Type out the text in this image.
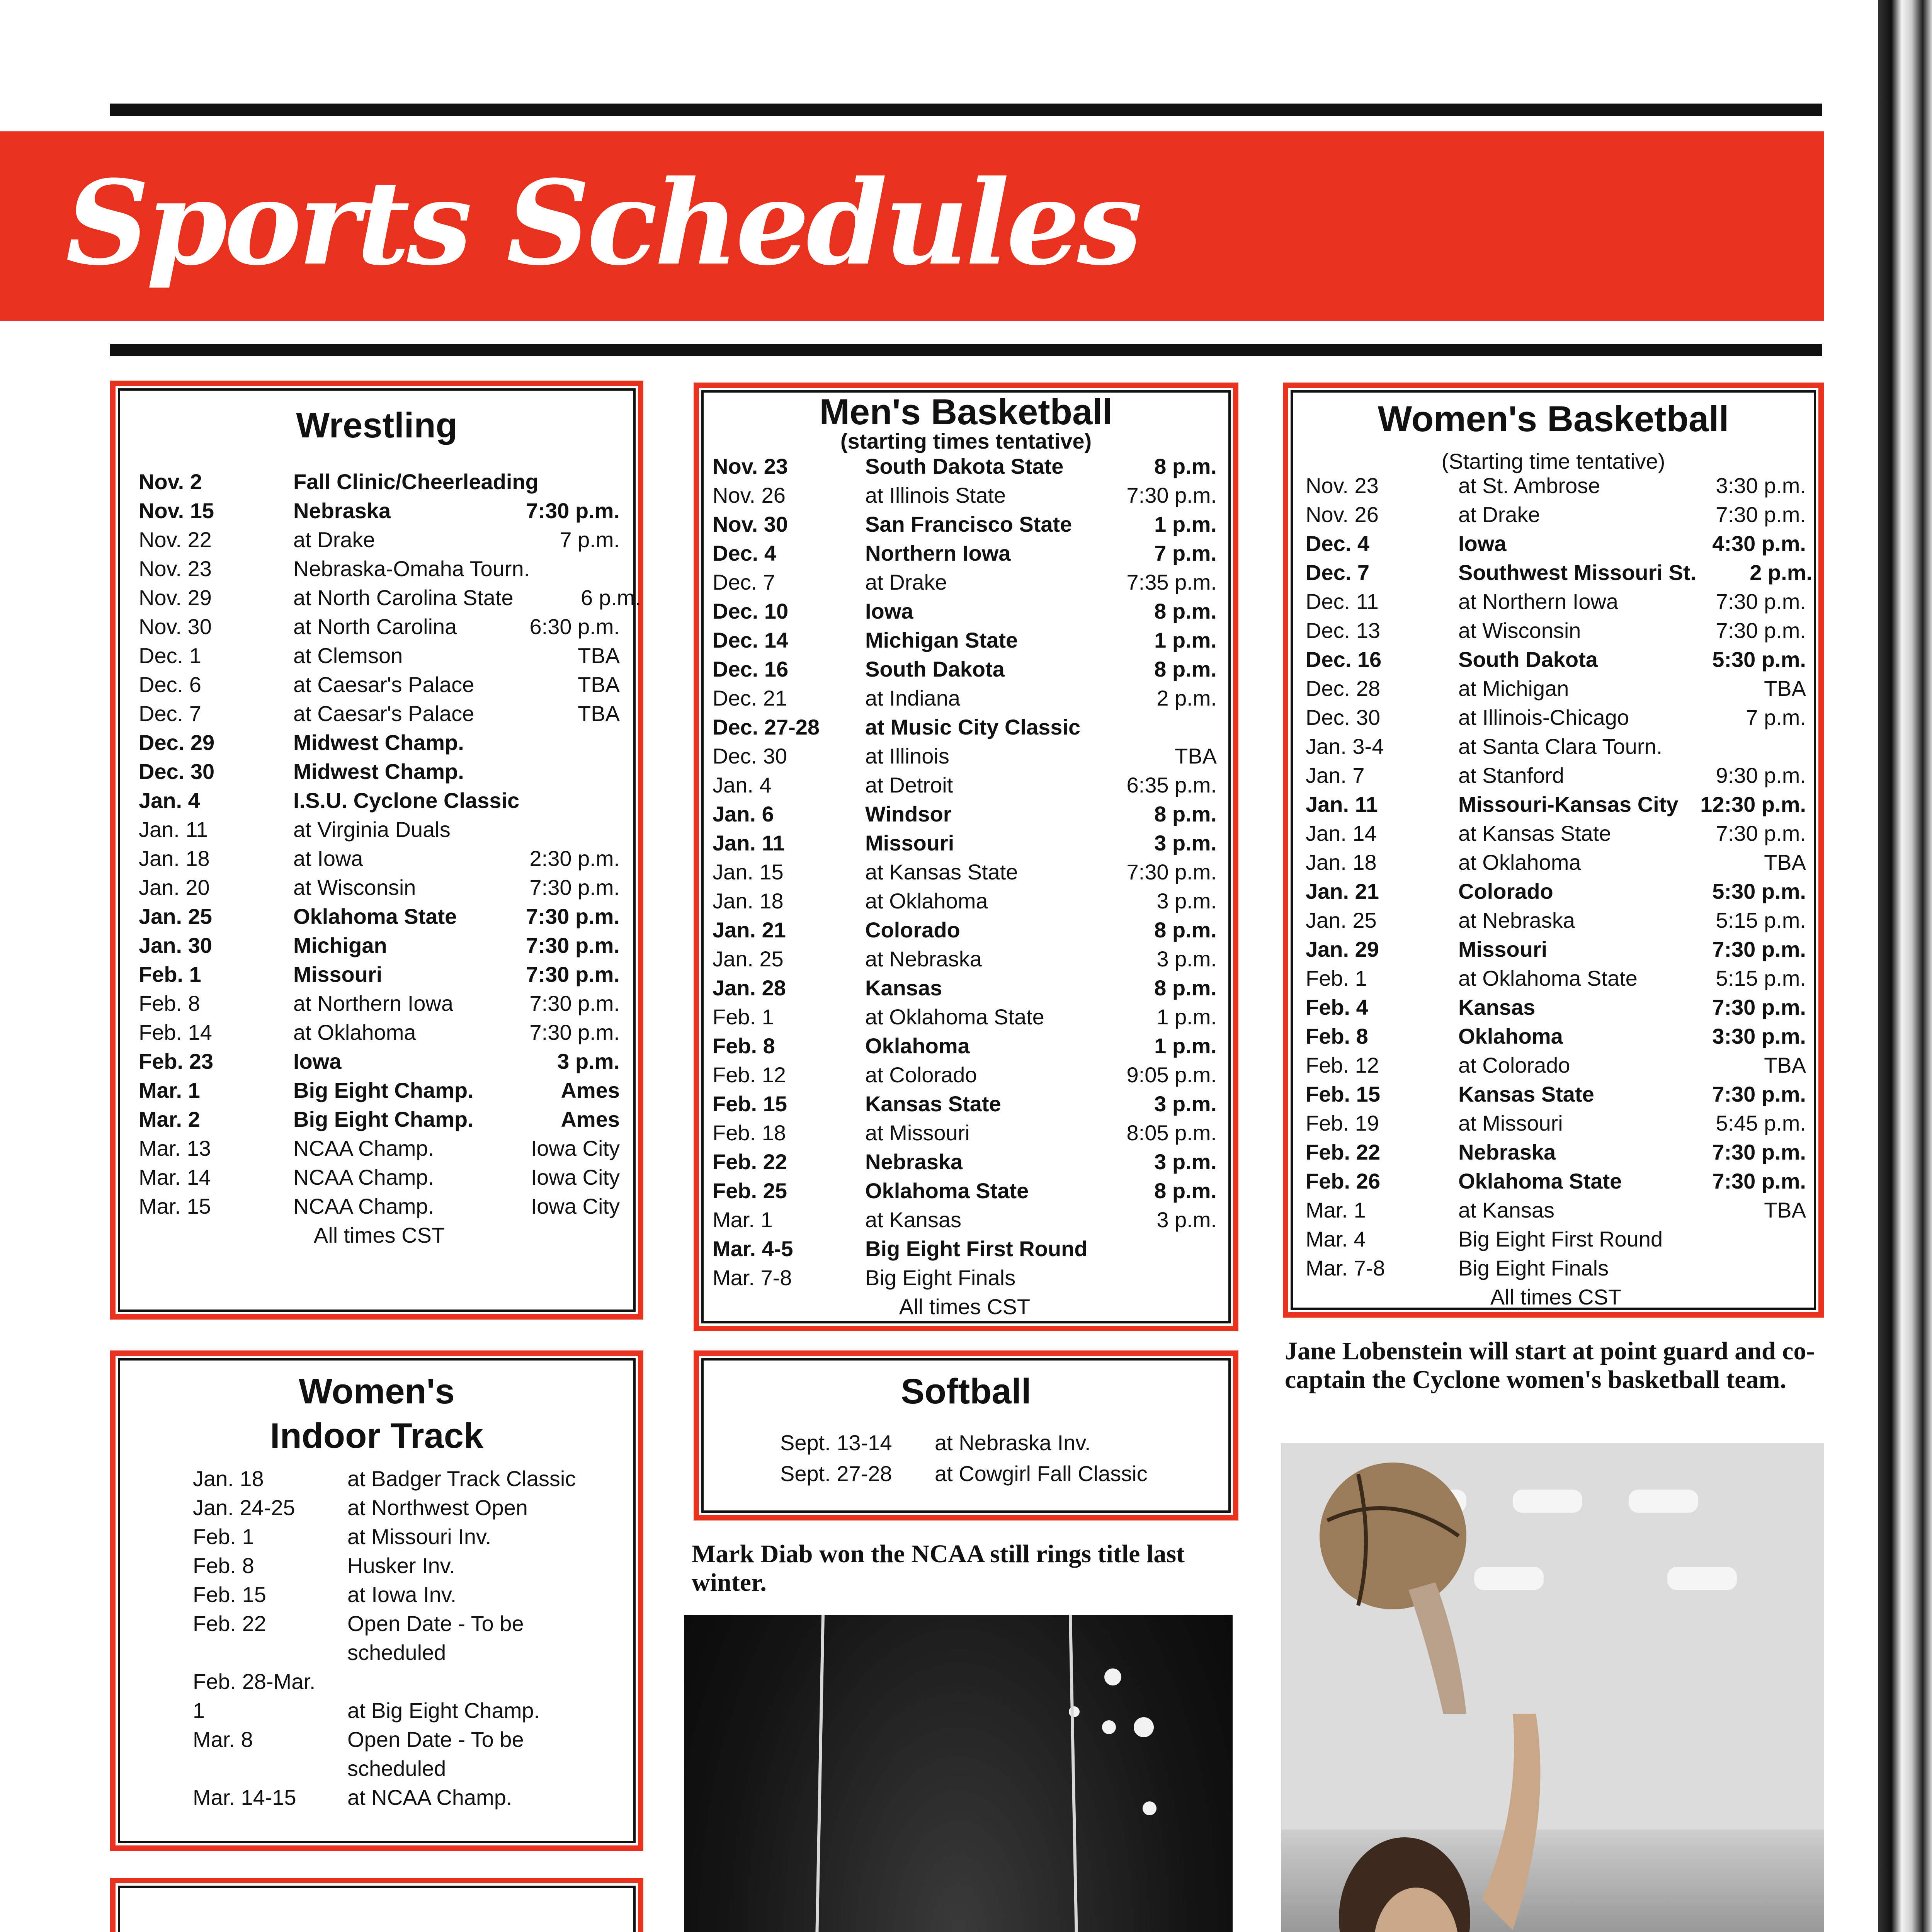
Sports Schedules
Wrestling
Nov. 2	Fall Clinic/Cheerleading
Nov. 15	Nebraska	7:30 p.m.
Nov. 22	at Drake	7 p.m.
Nov. 23	Nebraska-Omaha Tourn.
Nov. 29	at North Carolina State	6 p.m.
Nov. 30	at North Carolina	6:30 p.m.
Dec. 1	at Clemson	TBA
Dec. 6	at Caesar's Palace	TBA
Dec. 7	at Caesar's Palace	TBA
Dec. 29	Midwest Champ.
Dec. 30	Midwest Champ.
Jan. 4	I.S.U. Cyclone Classic
Jan. 11	at Virginia Duals
Jan. 18	at Iowa	2:30 p.m.
Jan. 20	at Wisconsin	7:30 p.m.
Jan. 25	Oklahoma State	7:30 p.m.
Jan. 30	Michigan	7:30 p.m.
Feb. 1	Missouri	7:30 p.m.
Feb. 8	at Northern Iowa	7:30 p.m.
Feb. 14	at Oklahoma	7:30 p.m.
Feb. 23	Iowa	3 p.m.
Mar. 1	Big Eight Champ.	Ames
Mar. 2	Big Eight Champ.	Ames
Mar. 13	NCAA Champ.	Iowa City
Mar. 14	NCAA Champ.	Iowa City
Mar. 15	NCAA Champ.	Iowa City
All times CST
Men's Basketball
(starting times tentative)
Nov. 23	South Dakota State	8 p.m.
Nov. 26	at Illinois State	7:30 p.m.
Nov. 30	San Francisco State	1 p.m.
Dec. 4	Northern Iowa	7 p.m.
Dec. 7	at Drake	7:35 p.m.
Dec. 10	Iowa	8 p.m.
Dec. 14	Michigan State	1 p.m.
Dec. 16	South Dakota	8 p.m.
Dec. 21	at Indiana	2 p.m.
Dec. 27-28	at Music City Classic
Dec. 30	at Illinois	TBA
Jan. 4	at Detroit	6:35 p.m.
Jan. 6	Windsor	8 p.m.
Jan. 11	Missouri	3 p.m.
Jan. 15	at Kansas State	7:30 p.m.
Jan. 18	at Oklahoma	3 p.m.
Jan. 21	Colorado	8 p.m.
Jan. 25	at Nebraska	3 p.m.
Jan. 28	Kansas	8 p.m.
Feb. 1	at Oklahoma State	1 p.m.
Feb. 8	Oklahoma	1 p.m.
Feb. 12	at Colorado	9:05 p.m.
Feb. 15	Kansas State	3 p.m.
Feb. 18	at Missouri	8:05 p.m.
Feb. 22	Nebraska	3 p.m.
Feb. 25	Oklahoma State	8 p.m.
Mar. 1	at Kansas	3 p.m.
Mar. 4-5	Big Eight First Round
Mar. 7-8	Big Eight Finals
All times CST
Women's Basketball
(Starting time tentative)
Nov. 23	at St. Ambrose	3:30 p.m.
Nov. 26	at Drake	7:30 p.m.
Dec. 4	Iowa	4:30 p.m.
Dec. 7	Southwest Missouri St.	2 p.m.
Dec. 11	at Northern Iowa	7:30 p.m.
Dec. 13	at Wisconsin	7:30 p.m.
Dec. 16	South Dakota	5:30 p.m.
Dec. 28	at Michigan	TBA
Dec. 30	at Illinois-Chicago	7 p.m.
Jan. 3-4	at Santa Clara Tourn.
Jan. 7	at Stanford	9:30 p.m.
Jan. 11	Missouri-Kansas City	12:30 p.m.
Jan. 14	at Kansas State	7:30 p.m.
Jan. 18	at Oklahoma	TBA
Jan. 21	Colorado	5:30 p.m.
Jan. 25	at Nebraska	5:15 p.m.
Jan. 29	Missouri	7:30 p.m.
Feb. 1	at Oklahoma State	5:15 p.m.
Feb. 4	Kansas	7:30 p.m.
Feb. 8	Oklahoma	3:30 p.m.
Feb. 12	at Colorado	TBA
Feb. 15	Kansas State	7:30 p.m.
Feb. 19	at Missouri	5:45 p.m.
Feb. 22	Nebraska	7:30 p.m.
Feb. 26	Oklahoma State	7:30 p.m.
Mar. 1	at Kansas	TBA
Mar. 4	Big Eight First Round
Mar. 7-8	Big Eight Finals
All times CST
Women's
Indoor Track
Jan. 18	at Badger Track Classic
Jan. 24-25	at Northwest Open
Feb. 1	at Missouri Inv.
Feb. 8	Husker Inv.
Feb. 15	at Iowa Inv.
Feb. 22	Open Date - To be
scheduled
Feb. 28-Mar.
1	at Big Eight Champ.
Mar. 8	Open Date - To be
scheduled
Mar. 14-15	at NCAA Champ.
Softball
Sept. 13-14	at Nebraska Inv.
Sept. 27-28	at Cowgirl Fall Classic
Mark Diab won the NCAA still rings title last winter.
Jane Lobenstein will start at point guard and co-captain the Cyclone women's basketball team.
